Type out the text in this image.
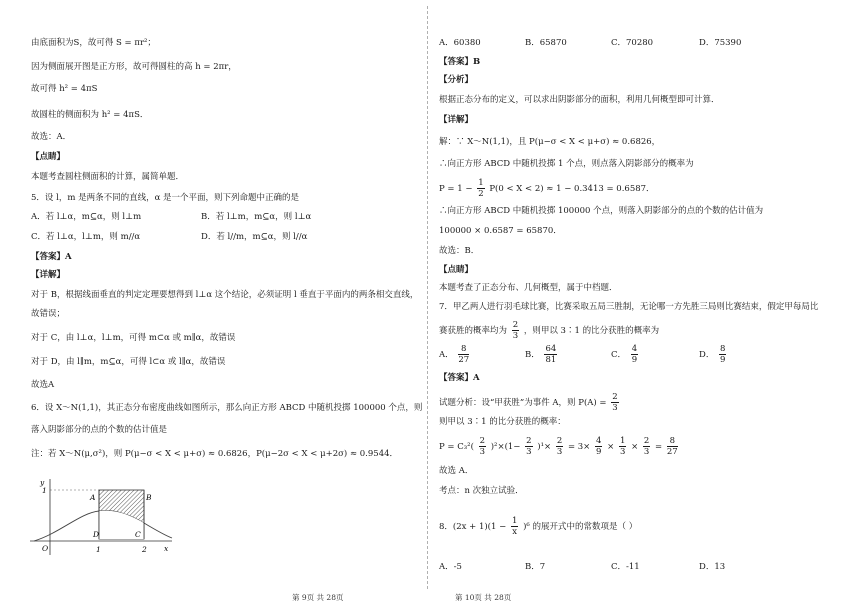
由底面积为S，故可得 S = πr²；
因为侧面展开图是正方形，故可得圆柱的高 h = 2πr，
故可得 h² = 4πS
故圆柱的侧面积为 h² = 4πS．
故选：A．
【点睛】
本题考查圆柱侧面积的计算，属简单题．
5．设 l，m 是两条不同的直线，α 是一个平面，则下列命题中正确的是
A．若 l⊥α，m⊆α，则 l⊥m	B．若 l⊥m，m⊆α，则 l⊥α
C．若 l⊥α，l⊥m，则 m//α	D．若 l//m，m⊆α，则 l//α
【答案】A
【详解】
对于 B，根据线面垂直的判定定理要想得到 l⊥α 这个结论，必须证明 l 垂直于平面内的两条相交直线，
故错误；
对于 C，由 l⊥α，l⊥m，可得 m⊂α 或 m∥α，故错误
对于 D，由 l∥m，m⊆α，可得 l⊂α 或 l∥α，故错误
故选A
6．设 X～N(1,1)，其正态分布密度曲线如图所示，那么向正方形 ABCD 中随机投掷 100000 个点，则
落入阴影部分的点的个数的估计值是
注：若 X～N(μ,σ²)，则 P(μ−σ < X < μ+σ) ≈ 0.6826，P(μ−2σ < X < μ+2σ) ≈ 0.9544．
y
x
O	1	2
A	B
C
D
1
第 9页 共 28页
A．60380	B．65870	C．70280	D．75390
【答案】B
【分析】
根据正态分布的定义，可以求出阴影部分的面积，利用几何概型即可计算．
【详解】
解：∵ X～N(1,1)，且 P(μ−σ < X < μ+σ) ≈ 0.6826，
∴向正方形 ABCD 中随机投掷 1 个点，则点落入阴影部分的概率为
$P = 1 - \frac{1}{2} P(0 < X < 2) \approx 1 - 0.3413 = 0.6587$．
∴向正方形 ABCD 中随机投掷 100000 个点，则落入阴影部分的点的个数的估计值为
100000 × 0.6587 = 65870．
故选：B．
【点睛】
本题考查了正态分布、几何概型，属于中档题．
7．甲乙两人进行羽毛球比赛，比赛采取五局三胜制，无论哪一方先胜三局则比赛结束，假定甲每局比
赛获胜的概率均为 $\frac{2}{3}$ ，则甲以 3∶1 的比分获胜的概率为
A． $\frac{8}{27}$	B． $\frac{64}{81}$	C． $\frac{4}{9}$	D． $\frac{8}{9}$
【答案】A
试题分析：设“甲获胜”为事件 A，则 $P(A) = \frac{2}{3}$
则甲以 3∶1 的比分获胜的概率：
$P = C_3^2( \frac{2}{3} )^2\times(1- \frac{2}{3} )^1\times \frac{2}{3} = 3\times \frac{4}{9} \times \frac{1}{3} \times \frac{2}{3} = \frac{8}{27}$
故选 A．
考点：n 次独立试验．
8．$(2x + 1)(1 - \frac{1}{x} )^6$ 的展开式中的常数项是（ ）
A．-5	B．7	C．-11	D．13
第 10页 共 28页
